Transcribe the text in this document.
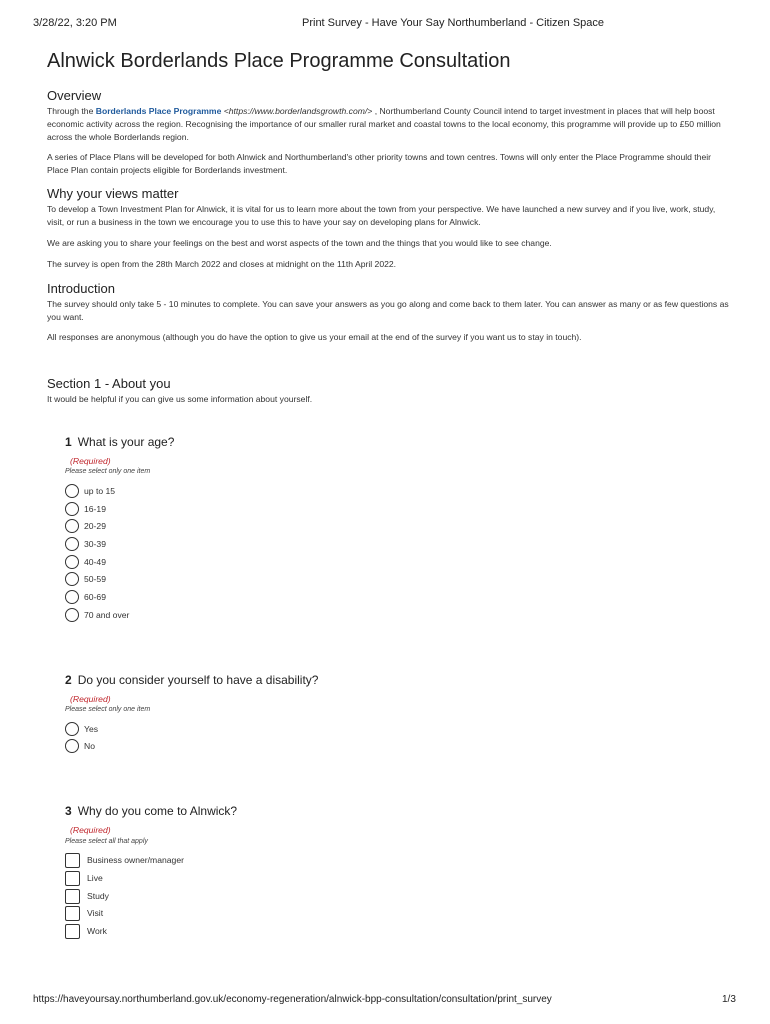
3/28/22, 3:20 PM	Print Survey - Have Your Say Northumberland - Citizen Space
Alnwick Borderlands Place Programme Consultation
Overview

Through the Borderlands Place Programme <https://www.borderlandsgrowth.com/> , Northumberland County Council intend to target investment in places that will help boost economic activity across the region. Recognising the importance of our smaller rural market and coastal towns to the local economy, this programme will provide up to £50 million across the whole Borderlands region.

A series of Place Plans will be developed for both Alnwick and Northumberland's other priority towns and town centres. Towns will only enter the Place Programme should their Place Plan contain projects eligible for Borderlands investment.

Why your views matter

To develop a Town Investment Plan for Alnwick, it is vital for us to learn more about the town from your perspective. We have launched a new survey and if you live, work, study, visit, or run a business in the town we encourage you to use this to have your say on developing plans for Alnwick.

We are asking you to share your feelings on the best and worst aspects of the town and the things that you would like to see change.

The survey is open from the 28th March 2022 and closes at midnight on the 11th April 2022.

Introduction

The survey should only take 5 - 10 minutes to complete. You can save your answers as you go along and come back to them later. You can answer as many or as few questions as you want.

All responses are anonymous (although you do have the option to give us your email at the end of the survey if you want us to stay in touch).

Section 1 - About you

It would be helpful if you can give us some information about yourself.

1 What is your age?
(Required)
Please select only one item
up to 15
16-19
20-29
30-39
40-49
50-59
60-69
70 and over
2 Do you consider yourself to have a disability?
(Required)
Please select only one item
Yes
No
3 Why do you come to Alnwick?
(Required)
Please select all that apply
Business owner/manager
Live
Study
Visit
Work
https://haveyoursay.northumberland.gov.uk/economy-regeneration/alnwick-bpp-consultation/consultation/print_survey	1/3
